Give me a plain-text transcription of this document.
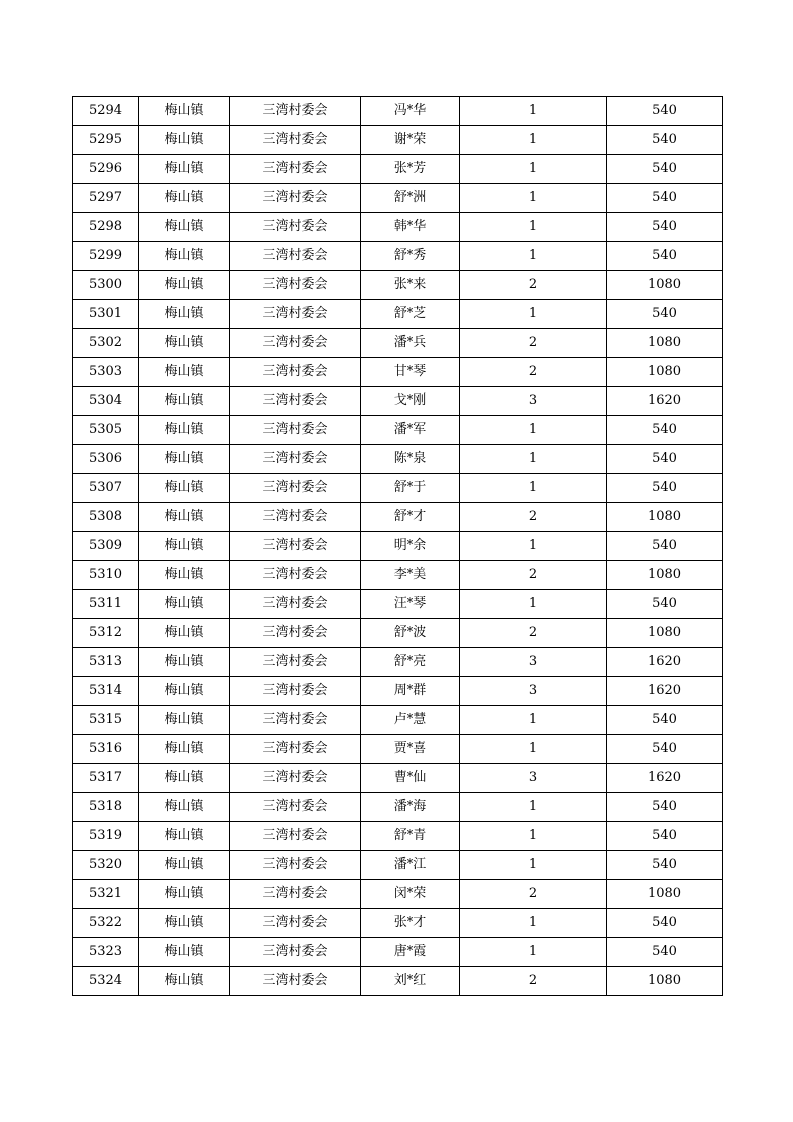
5294	梅山镇	三湾村委会	冯*华	1	540
5295	梅山镇	三湾村委会	谢*荣	1	540
5296	梅山镇	三湾村委会	张*芳	1	540
5297	梅山镇	三湾村委会	舒*洲	1	540
5298	梅山镇	三湾村委会	韩*华	1	540
5299	梅山镇	三湾村委会	舒*秀	1	540
5300	梅山镇	三湾村委会	张*来	2	1080
5301	梅山镇	三湾村委会	舒*芝	1	540
5302	梅山镇	三湾村委会	潘*兵	2	1080
5303	梅山镇	三湾村委会	甘*琴	2	1080
5304	梅山镇	三湾村委会	戈*刚	3	1620
5305	梅山镇	三湾村委会	潘*军	1	540
5306	梅山镇	三湾村委会	陈*泉	1	540
5307	梅山镇	三湾村委会	舒*于	1	540
5308	梅山镇	三湾村委会	舒*才	2	1080
5309	梅山镇	三湾村委会	明*余	1	540
5310	梅山镇	三湾村委会	李*美	2	1080
5311	梅山镇	三湾村委会	汪*琴	1	540
5312	梅山镇	三湾村委会	舒*波	2	1080
5313	梅山镇	三湾村委会	舒*亮	3	1620
5314	梅山镇	三湾村委会	周*群	3	1620
5315	梅山镇	三湾村委会	卢*慧	1	540
5316	梅山镇	三湾村委会	贾*喜	1	540
5317	梅山镇	三湾村委会	曹*仙	3	1620
5318	梅山镇	三湾村委会	潘*海	1	540
5319	梅山镇	三湾村委会	舒*青	1	540
5320	梅山镇	三湾村委会	潘*江	1	540
5321	梅山镇	三湾村委会	闵*荣	2	1080
5322	梅山镇	三湾村委会	张*才	1	540
5323	梅山镇	三湾村委会	唐*霞	1	540
5324	梅山镇	三湾村委会	刘*红	2	1080
